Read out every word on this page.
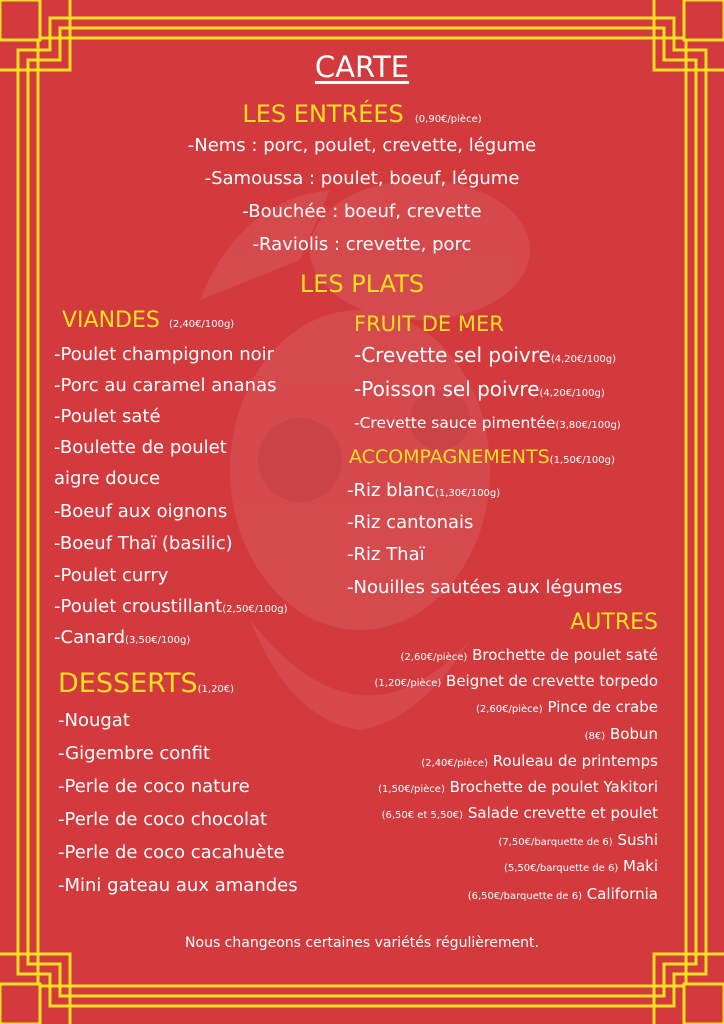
CARTE
LES ENTRÉES (0,90€/pièce)
-Nems : porc, poulet, crevette, légume
-Samoussa : poulet, boeuf, légume
-Bouchée : boeuf, crevette
-Raviolis : crevette, porc
LES PLATS
VIANDES (2,40€/100g)
-Poulet champignon noir
-Porc au caramel ananas
-Poulet saté
-Boulette de poulet
aigre douce
-Boeuf aux oignons
-Boeuf Thaï (basilic)
-Poulet curry
-Poulet croustillant(2,50€/100g)
-Canard(3,50€/100g)
FRUIT DE MER
-Crevette sel poivre(4,20€/100g)
-Poisson sel poivre(4,20€/100g)
-Crevette sauce pimentée(3,80€/100g)
ACCOMPAGNEMENTS(1,50€/100g)
-Riz blanc(1,30€/100g)
-Riz cantonais
-Riz Thaï
-Nouilles sautées aux légumes
AUTRES
(2,60€/pièce) Brochette de poulet saté
(1,20€/pièce) Beignet de crevette torpedo
(2,60€/pièce) Pince de crabe
(8€) Bobun
(2,40€/pièce) Rouleau de printemps
(1,50€/pièce) Brochette de poulet Yakitori
(6,50€ et 5,50€) Salade crevette et poulet
(7,50€/barquette de 6) Sushi
(5,50€/barquette de 6) Maki
(6,50€/barquette de 6) California
DESSERTS(1,20€)
-Nougat
-Gigembre confit
-Perle de coco nature
-Perle de coco chocolat
-Perle de coco cacahuète
-Mini gateau aux amandes
Nous changeons certaines variétés régulièrement.
